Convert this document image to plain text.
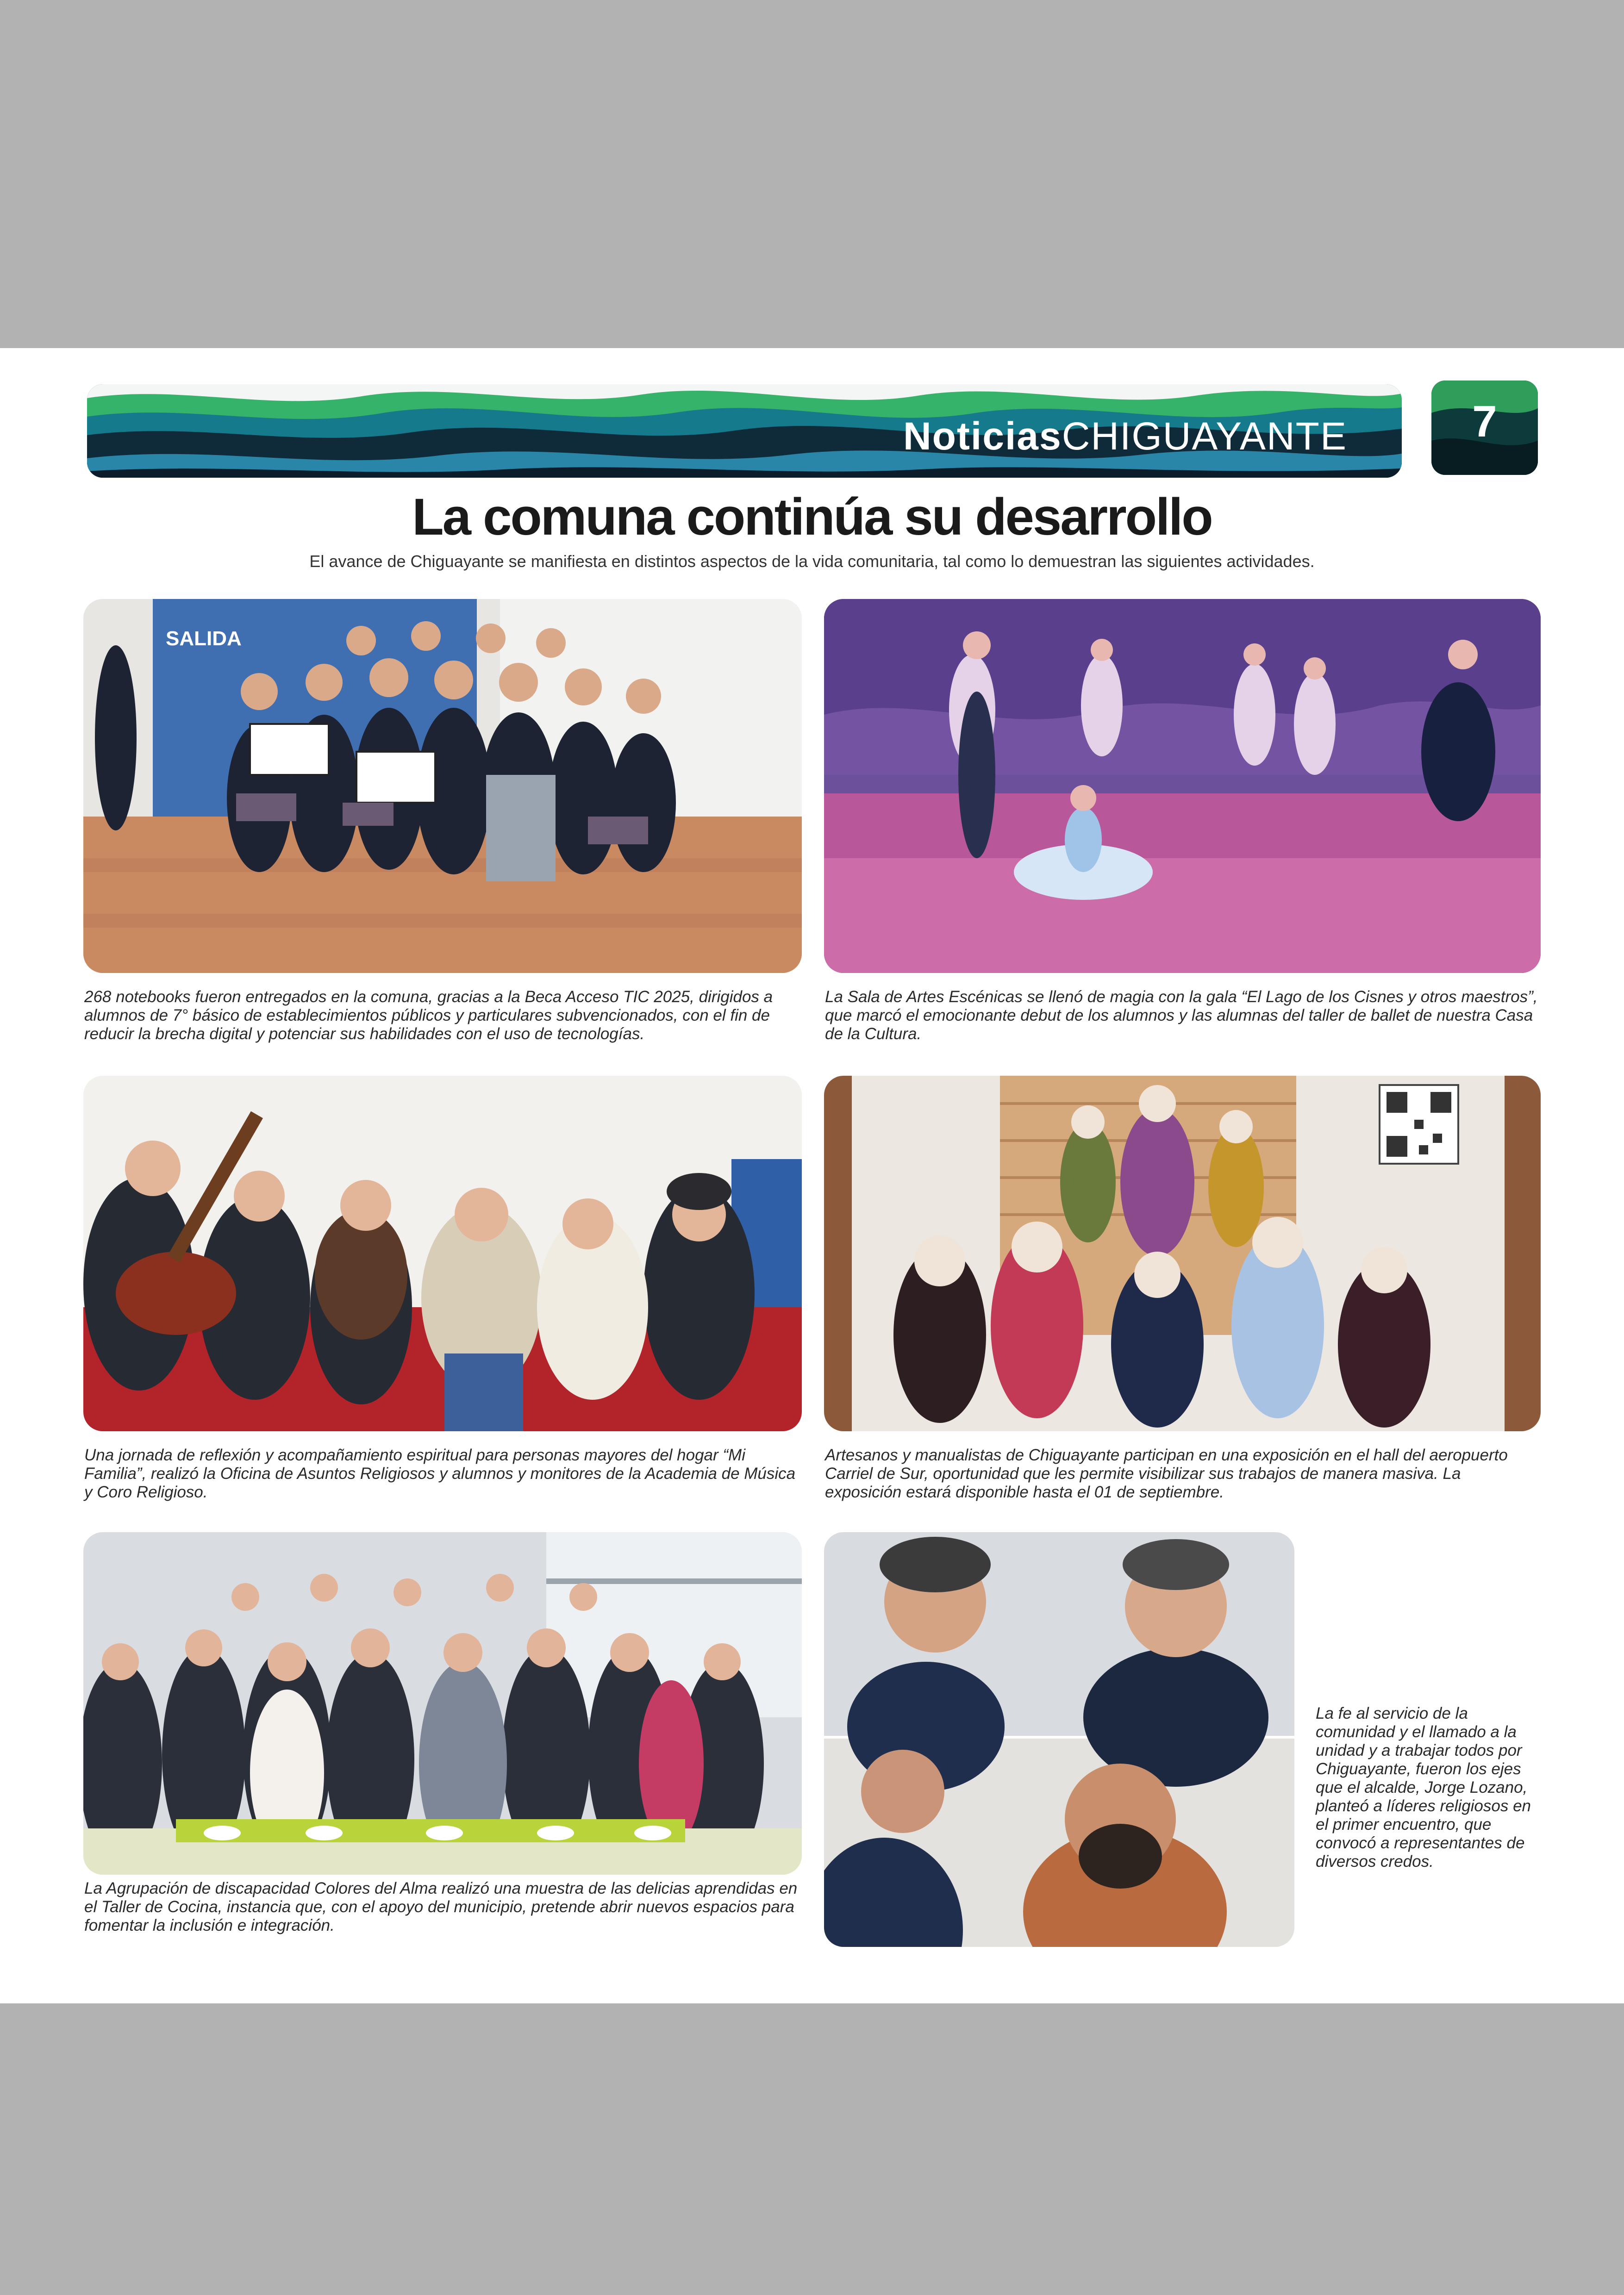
NoticiasCHIGUAYANTE	7
La comuna continúa su desarrollo
El avance de Chiguayante se manifiesta en distintos aspectos de la vida comunitaria, tal como lo demuestran las siguientes actividades.
SALIDA
268 notebooks fueron entregados en la comuna, gracias a la Beca Acceso TIC 2025, dirigidos a alumnos de 7° básico de establecimientos públicos y particulares subvencionados, con el fin de reducir la brecha digital y potenciar sus habilidades con el uso de tecnologías.
La Sala de Artes Escénicas se llenó de magia con la gala “El Lago de los Cisnes y otros maestros”, que marcó el emocionante debut de los alumnos y las alumnas del taller de ballet de nuestra Casa de la Cultura.
Una jornada de reflexión y acompañamiento espiritual para personas mayores del hogar “Mi Familia”, realizó la Oficina de Asuntos Religiosos y alumnos y monitores de la Academia de Música y Coro Religioso.
Artesanos y manualistas de Chiguayante participan en una exposición en el hall del aeropuerto Carriel de Sur, oportunidad que les permite visibilizar sus trabajos de manera masiva. La exposición estará disponible hasta el 01 de septiembre.
La Agrupación de discapacidad Colores del Alma realizó una muestra de las delicias aprendidas en el Taller de Cocina, instancia que, con el apoyo del municipio, pretende abrir nuevos espacios para fomentar la inclusión e integración.
La fe al servicio de la comunidad y el llamado a la unidad y a trabajar todos por Chiguayante, fueron los ejes que el alcalde, Jorge Lozano, planteó a líderes religiosos en el primer encuentro, que convocó a representantes de diversos credos.
